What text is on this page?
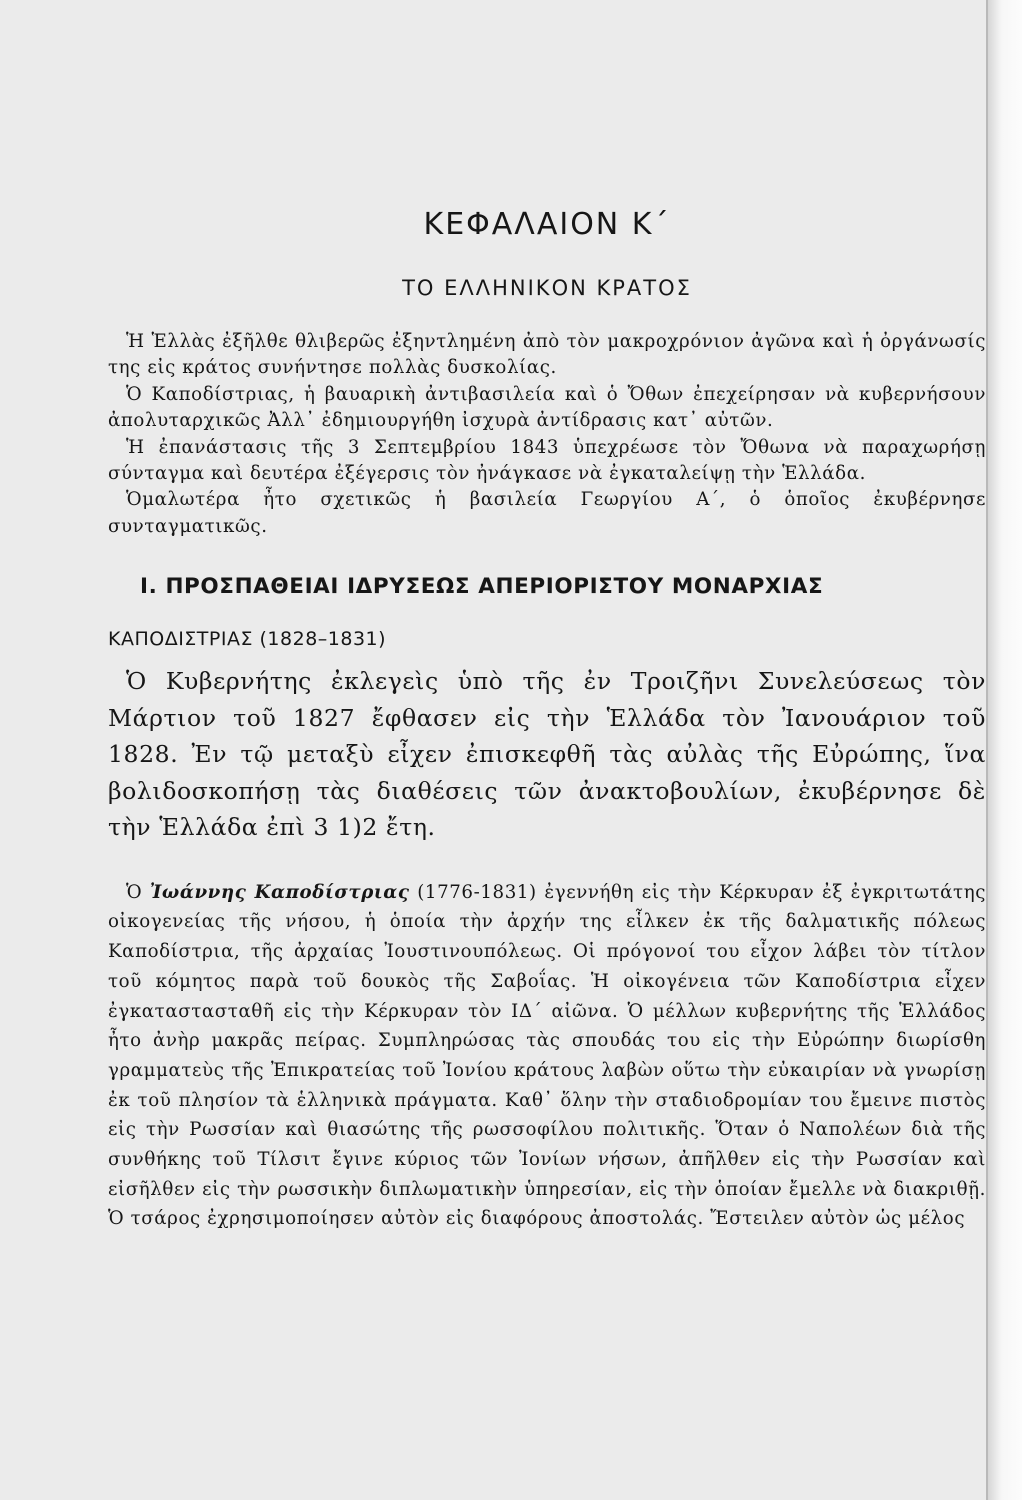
ΚΕΦΑΛΑΙΟΝ Κ΄
ΤΟ ΕΛΛΗΝΙΚΟΝ ΚΡΑΤΟΣ

Ἡ Ἑλλὰς ἐξῆλθε θλιβερῶς ἐξηντλημένη ἀπὸ τὸν μακροχρόνιον ἀγῶνα καὶ ἡ ὀργάνωσίς της εἰς κράτος συνήντησε πολλὰς δυσκολίας.

Ὁ Καποδίστριας, ἡ βαυαρικὴ ἀντιβασιλεία καὶ ὁ Ὄθων ἐπεχείρησαν νὰ κυβερνήσουν ἀπολυταρχικῶς Ἀλλ᾿ ἐδημιουργήθη ἰσχυρὰ ἀντίδρασις κατ᾿ αὐτῶν.

Ἡ ἐπανάστασις τῆς 3 Σεπτεμβρίου 1843 ὑπεχρέωσε τὸν Ὄθωνα νὰ παραχωρήσῃ σύνταγμα καὶ δευτέρα ἐξέγερσις τὸν ἠνάγκασε νὰ ἐγκαταλείψῃ τὴν Ἑλλάδα.

Ὁμαλωτέρα ἦτο σχετικῶς ἡ βασιλεία Γεωργίου Α΄, ὁ ὁποῖος ἐκυβέρνησε συνταγματικῶς.

I. ΠΡΟΣΠΑΘΕΙΑΙ ΙΔΡΥΣΕΩΣ ΑΠΕΡΙΟΡΙΣΤΟΥ ΜΟΝΑΡΧΙΑΣ
ΚΑΠΟΔΙΣΤΡΙΑΣ (1828–1831)

Ὁ Κυβερνήτης ἐκλεγεὶς ὑπὸ τῆς ἐν Τροιζῆνι Συνελεύσεως τὸν Μάρτιον τοῦ 1827 ἔφθασεν εἰς τὴν Ἑλλάδα τὸν Ἰανουάριον τοῦ 1828. Ἐν τῷ μεταξὺ εἶχεν ἐπισκεφθῆ τὰς αὐλὰς τῆς Εὐρώπης, ἵνα βολιδοσκοπήσῃ τὰς διαθέσεις τῶν ἀνακτοβουλίων, ἐκυβέρνησε δὲ τὴν Ἑλλάδα ἐπὶ 3 1)2 ἔτη.

Ὁ Ἰωάννης Καποδίστριας (1776-1831) ἐγεννήθη εἰς τὴν Κέρκυραν ἐξ ἐγκριτωτάτης οἰκογενείας τῆς νήσου, ἡ ὁποία τὴν ἀρχήν της εἷλκεν ἐκ τῆς δαλματικῆς πόλεως Καποδίστρια, τῆς ἀρχαίας Ἰουστινουπόλεως. Οἱ πρόγονοί του εἶχον λάβει τὸν τίτλον τοῦ κόμητος παρὰ τοῦ δουκὸς τῆς Σαβοΐας. Ἡ οἰκογένεια τῶν Καποδίστρια εἶχεν ἐγκαταστασταθῆ εἰς τὴν Κέρκυραν τὸν ΙΔ΄ αἰῶνα. Ὁ μέλλων κυβερνήτης τῆς Ἑλλάδος ἦτο ἀνὴρ μακρᾶς πείρας. Συμπληρώσας τὰς σπουδάς του εἰς τὴν Εὐρώπην διωρίσθη γραμματεὺς τῆς Ἐπικρατείας τοῦ Ἰονίου κράτους λαβὼν οὕτω τὴν εὐκαιρίαν νὰ γνωρίσῃ ἐκ τοῦ πλησίον τὰ ἑλληνικὰ πράγματα. Καθ᾿ ὅλην τὴν σταδιοδρομίαν του ἔμεινε πιστὸς εἰς τὴν Ρωσσίαν καὶ θιασώτης τῆς ρωσσοφίλου πολιτικῆς. Ὅταν ὁ Ναπολέων διὰ τῆς συνθήκης τοῦ Τίλσιτ ἔγινε κύριος τῶν Ἰονίων νήσων, ἀπῆλθεν εἰς τὴν Ρωσσίαν καὶ εἰσῆλθεν εἰς τὴν ρωσσικὴν διπλωματικὴν ὑπηρεσίαν, εἰς τὴν ὁποίαν ἔμελλε νὰ διακριθῇ. Ὁ τσάρος ἐχρησιμοποίησεν αὐτὸν εἰς διαφόρους ἀποστολάς. Ἔστειλεν αὐτὸν ὡς μέλος
